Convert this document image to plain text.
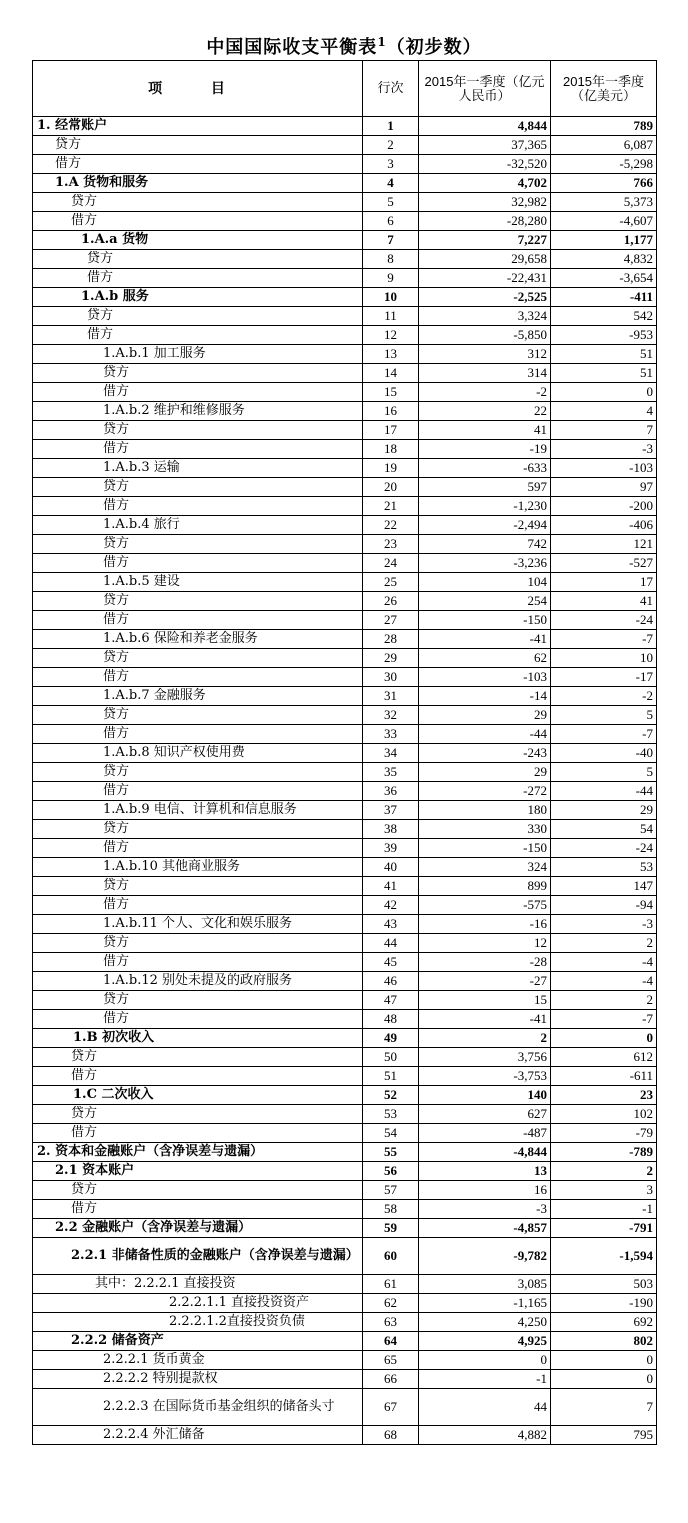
中国国际收支平衡表$^1$（初步数）
项 目	行次	2015年一季度（亿元人民币）	2015年一季度（亿美元）
1. 经常账户	1	4,844	789
贷方	2	37,365	6,087
借方	3	-32,520	-5,298
1.A 货物和服务	4	4,702	766
贷方	5	32,982	5,373
借方	6	-28,280	-4,607
1.A.a 货物	7	7,227	1,177
贷方	8	29,658	4,832
借方	9	-22,431	-3,654
1.A.b 服务	10	-2,525	-411
贷方	11	3,324	542
借方	12	-5,850	-953
1.A.b.1 加工服务	13	312	51
贷方	14	314	51
借方	15	-2	0
1.A.b.2 维护和维修服务	16	22	4
贷方	17	41	7
借方	18	-19	-3
1.A.b.3 运输	19	-633	-103
贷方	20	597	97
借方	21	-1,230	-200
1.A.b.4 旅行	22	-2,494	-406
贷方	23	742	121
借方	24	-3,236	-527
1.A.b.5 建设	25	104	17
贷方	26	254	41
借方	27	-150	-24
1.A.b.6 保险和养老金服务	28	-41	-7
贷方	29	62	10
借方	30	-103	-17
1.A.b.7 金融服务	31	-14	-2
贷方	32	29	5
借方	33	-44	-7
1.A.b.8 知识产权使用费	34	-243	-40
贷方	35	29	5
借方	36	-272	-44
1.A.b.9 电信、计算机和信息服务	37	180	29
贷方	38	330	54
借方	39	-150	-24
1.A.b.10 其他商业服务	40	324	53
贷方	41	899	147
借方	42	-575	-94
1.A.b.11 个人、文化和娱乐服务	43	-16	-3
贷方	44	12	2
借方	45	-28	-4
1.A.b.12 别处未提及的政府服务	46	-27	-4
贷方	47	15	2
借方	48	-41	-7
1.B 初次收入	49	2	0
贷方	50	3,756	612
借方	51	-3,753	-611
1.C 二次收入	52	140	23
贷方	53	627	102
借方	54	-487	-79
2. 资本和金融账户（含净误差与遗漏）	55	-4,844	-789
2.1 资本账户	56	13	2
贷方	57	16	3
借方	58	-3	-1
2.2 金融账户（含净误差与遗漏）	59	-4,857	-791
2.2.1 非储备性质的金融账户（含净误差与遗漏）	60	-9,782	-1,594
其中：2.2.2.1 直接投资	61	3,085	503
2.2.2.1.1 直接投资资产	62	-1,165	-190
2.2.2.1.2直接投资负债	63	4,250	692
2.2.2 储备资产	64	4,925	802
2.2.2.1 货币黄金	65	0	0
2.2.2.2 特别提款权	66	-1	0
2.2.2.3 在国际货币基金组织的储备头寸	67	44	7
2.2.2.4 外汇储备	68	4,882	795
